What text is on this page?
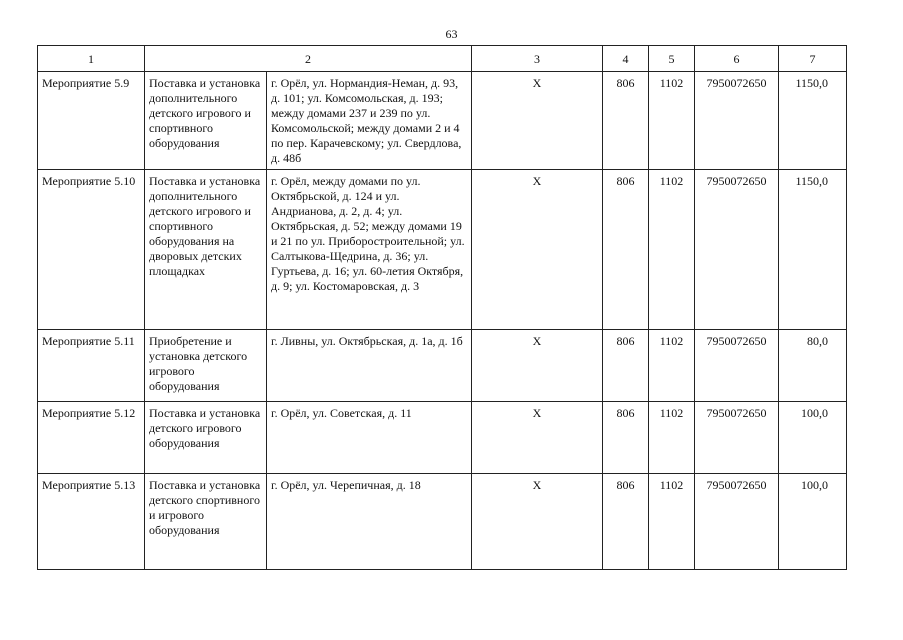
63
1	2		3	4	5	6	7
Мероприятие 5.9	Поставка и установка дополнительного детского игрового и спортивного оборудования	г. Орёл, ул. Нормандия-Неман, д. 93, д. 101; ул. Комсомольская, д. 193; между домами 237 и 239 по ул. Комсомольской; между домами 2 и 4 по пер. Карачевскому; ул. Свердлова, д. 48б	Х	806	1102	7950072650	1150,0
Мероприятие 5.10	Поставка и установка дополнительного детского игрового и спортивного оборудования на дворовых детских площадках	г. Орёл, между домами по ул. Октябрьской, д. 124 и ул. Андрианова, д. 2, д. 4; ул. Октябрьская, д. 52; между домами 19 и 21 по ул. Приборостроительной; ул. Салтыкова-Щедрина, д. 36; ул. Гуртьева, д. 16; ул. 60-летия Октября, д. 9; ул. Костомаровская, д. 3	Х	806	1102	7950072650	1150,0
Мероприятие 5.11	Приобретение и установка детского игрового оборудования	г. Ливны, ул. Октябрьская, д. 1а, д. 1б	Х	806	1102	7950072650	80,0
Мероприятие 5.12	Поставка и установка детского игрового оборудования	г. Орёл, ул. Советская, д. 11	Х	806	1102	7950072650	100,0
Мероприятие 5.13	Поставка и установка детского спортивного и игрового оборудования	г. Орёл, ул. Черепичная, д. 18	Х	806	1102	7950072650	100,0
